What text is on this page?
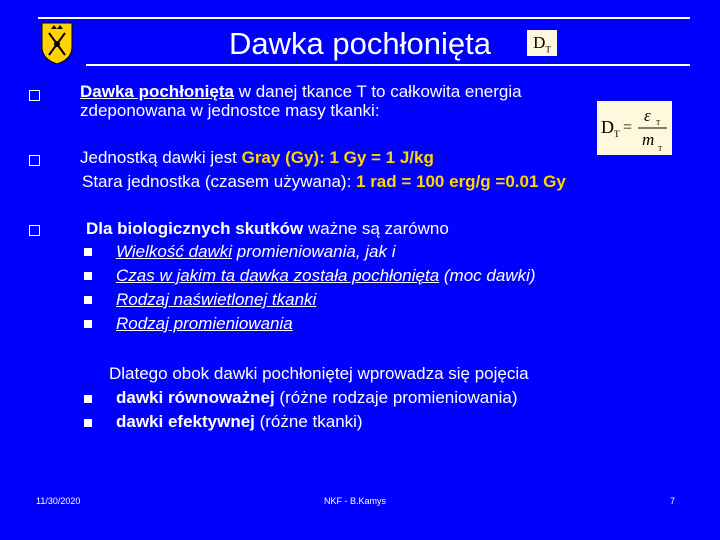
Dawka pochłonięta	$D_T$
Dawka pochłonięta w danej tkance T to całkowita energia
zdeponowana w jednostce masy tkanki:
D T =
ε T
m T
Jednostką dawki jest Gray (Gy): 1 Gy = 1 J/kg
Stara jednostka (czasem używana): 1 rad = 100 erg/g =0.01 Gy
Dla biologicznych skutków ważne są zarówno
Wielkość dawki promieniowania, jak i
Czas w jakim ta dawka została pochłonięta (moc dawki)
Rodzaj naświetlonej tkanki
Rodzaj promieniowania
Dlatego obok dawki pochłoniętej wprowadza się pojęcia
dawki równoważnej (różne rodzaje promieniowania)
dawki efektywnej (różne tkanki)
11/30/2020	NKF - B.Kamys	7
